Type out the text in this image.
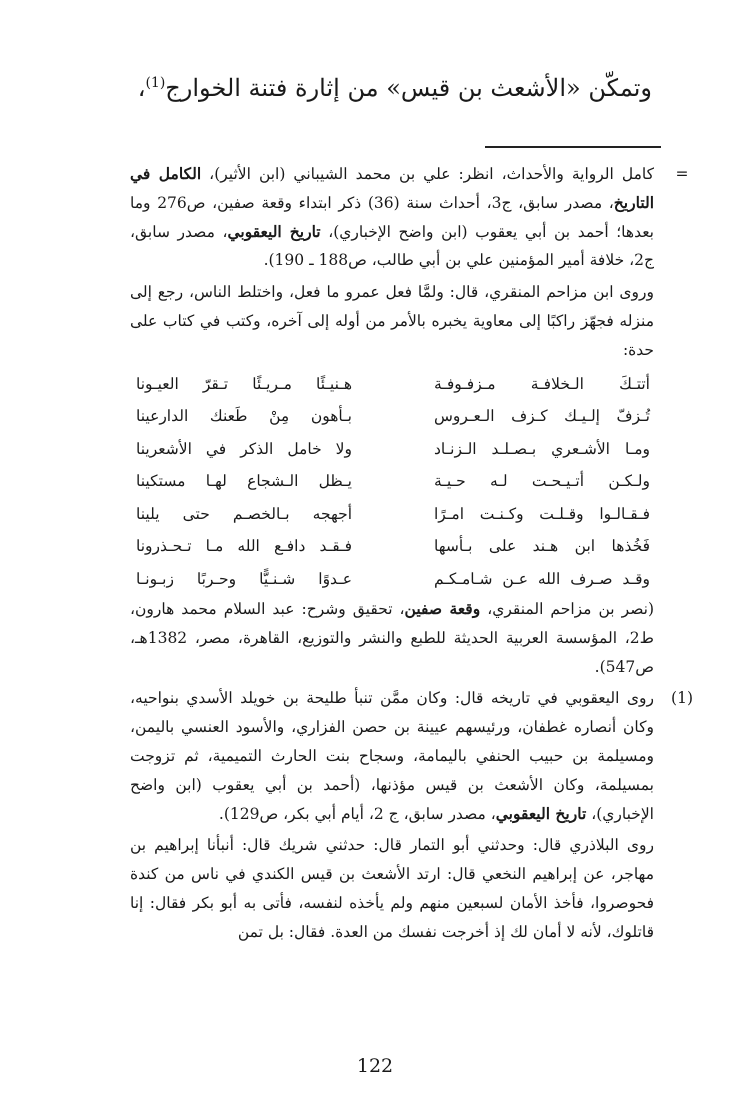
وتمكّن «الأشعث بن قيس» من إثارة فتنة الخوارج$^{(1)}$،
=

كامل الرواية والأحداث، انظر: علي بن محمد الشيباني (ابن الأثير)، الكامل في التاريخ، مصدر سابق، ج3، أحداث سنة (36) ذكر ابتداء وقعة صفين، ص276 وما بعدها؛ أحمد بن أبي يعقوب (ابن واضح الإخباري)، تاريخ اليعقوبي، مصدر سابق، ج2، خلافة أمير المؤمنين علي بن أبي طالب، ص188 ـ 190).

وروى ابن مزاحم المنقري، قال: ولمَّا فعل عمرو ما فعل، واختلط الناس، رجع إلى منزله فجهّز راكبًا إلى معاوية يخبره بالأمر من أوله إلى آخره، وكتب في كتاب على حدة:

أتتـكَ الـخلافـة مـزفـوفـة
هـنيـئًا مـريـئًا تـقرّ العيـونا
تُـزفّ إلـيـك كـزف الـعـروس
بـأهون مِنْ طَعنك الدارعينا
ومـا الأشـعري بـصـلـد الـزنـاد
ولا خامل الذكر في الأشعرينا
ولـكـن أتـيـحـت لـه حـيـة
يـظل الـشجاع لهـا مستكينا
فـقـالـوا وقـلـت وكـنـت امـرًا
أجهجه بـالخصـم حتى يلينا
فَخُذها ابن هـند على بـأسها
فـقـد دافـع الله مـا تـحـذرونا
وقـد صـرف الله عـن شـامـكـم
عـدوًا شـنـيًّا وحـربًا زبـونـا

(نصر بن مزاحم المنقري، وقعة صفين، تحقيق وشرح: عبد السلام محمد هارون، ط2، المؤسسة العربية الحديثة للطبع والنشر والتوزيع، القاهرة، مصر، 1382هـ، ص547).

(1)

روى اليعقوبي في تاريخه قال: وكان ممَّن تنبأ طليحة بن خويلد الأسدي بنواحيه، وكان أنصاره غطفان، ورئيسهم عيينة بن حصن الفزاري، والأسود العنسي باليمن، ومسيلمة بن حبيب الحنفي باليمامة، وسجاح بنت الحارث التميمية، ثم تزوجت بمسيلمة، وكان الأشعث بن قيس مؤذنها، (أحمد بن أبي يعقوب (ابن واضح الإخباري)، تاريخ اليعقوبي، مصدر سابق، ج 2، أيام أبي بكر، ص129).

روى البلاذري قال: وحدثني أبو التمار قال: حدثني شريك قال: أنبأنا إبراهيم بن مهاجر، عن إبراهيم النخعي قال: ارتد الأشعث بن قيس الكندي في ناس من كندة فحوصروا، فأخذ الأمان لسبعين منهم ولم يأخذه لنفسه، فأتى به أبو بكر فقال: إنا قاتلوك، لأنه لا أمان لك إذ أخرجت نفسك من العدة. فقال: بل تمن

122
